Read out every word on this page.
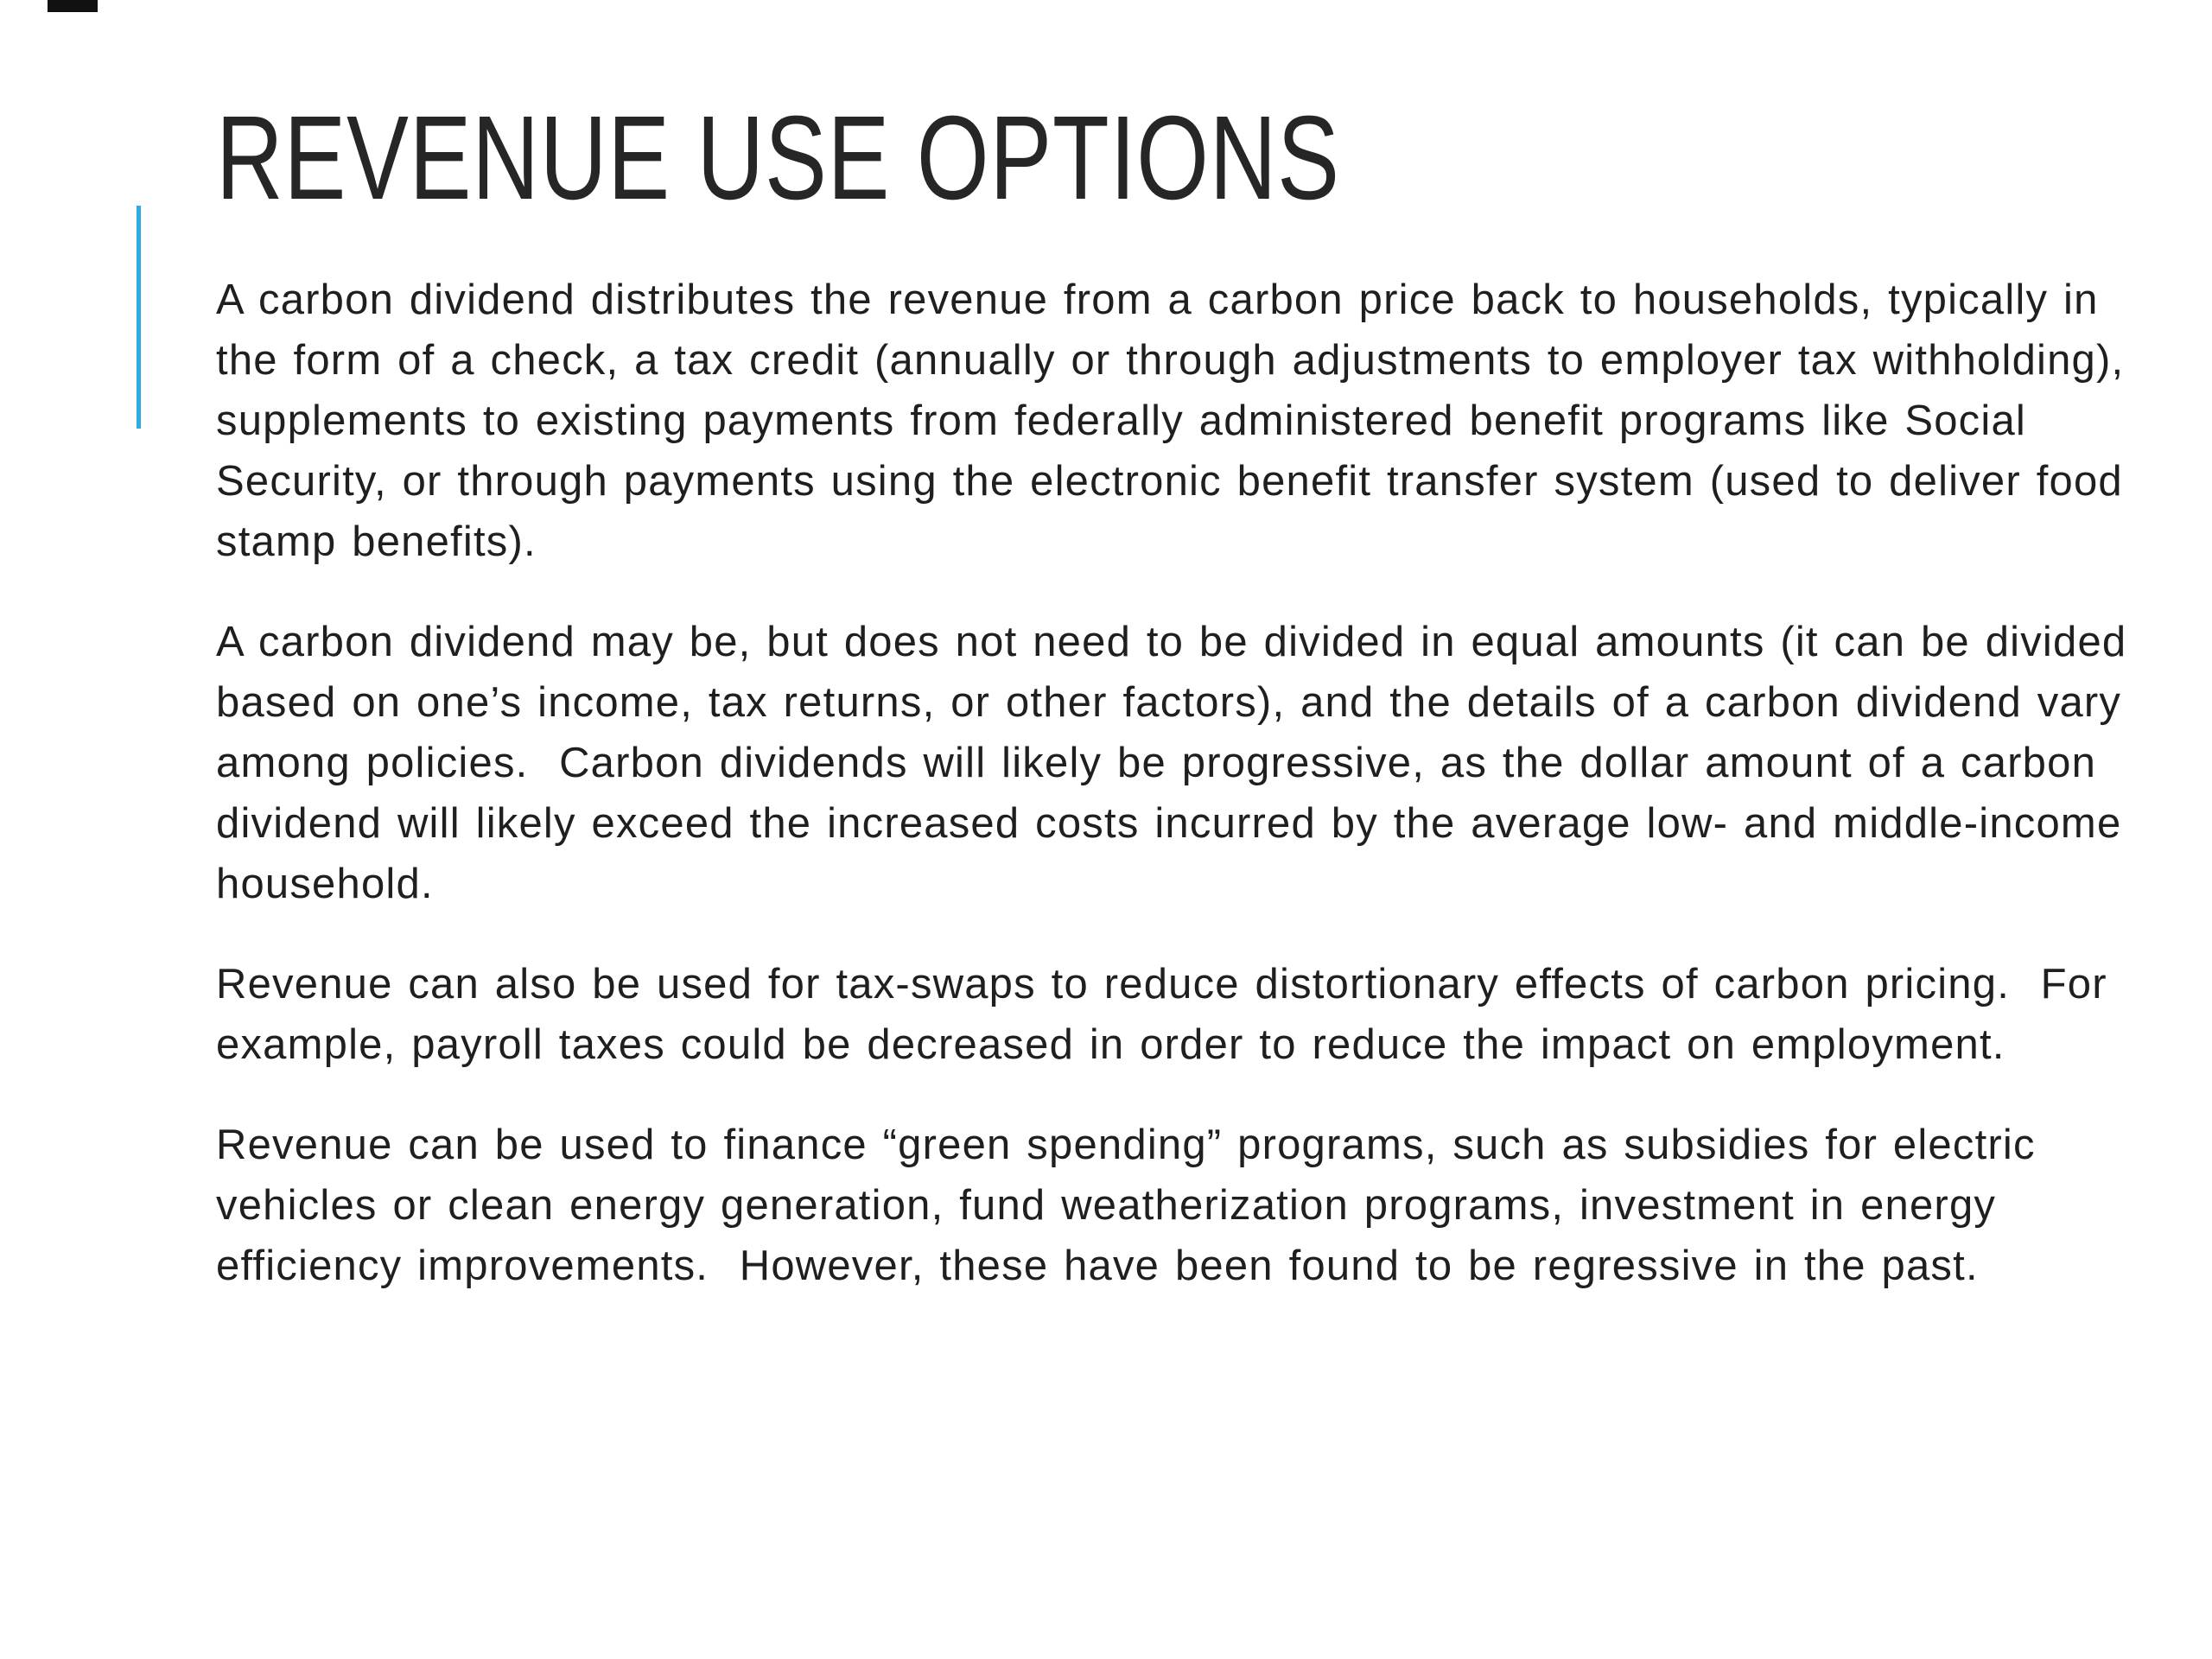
REVENUE USE OPTIONS

A carbon dividend distributes the revenue from a carbon price back to households, typically in the form of a check, a tax credit (annually or through adjustments to employer tax withholding), supplements to existing payments from federally administered benefit programs like Social Security, or through payments using the electronic benefit transfer system (used to deliver food stamp benefits).

A carbon dividend may be, but does not need to be divided in equal amounts (it can be divided based on one’s income, tax returns, or other factors), and the details of a carbon dividend vary among policies.  Carbon dividends will likely be progressive, as the dollar amount of a carbon dividend will likely exceed the increased costs incurred by the average low- and middle-income household.

Revenue can also be used for tax-swaps to reduce distortionary effects of carbon pricing.  For example, payroll taxes could be decreased in order to reduce the impact on employment.

Revenue can be used to finance “green spending” programs, such as subsidies for electric vehicles or clean energy generation, fund weatherization programs, investment in energy efficiency improvements.  However, these have been found to be regressive in the past.
